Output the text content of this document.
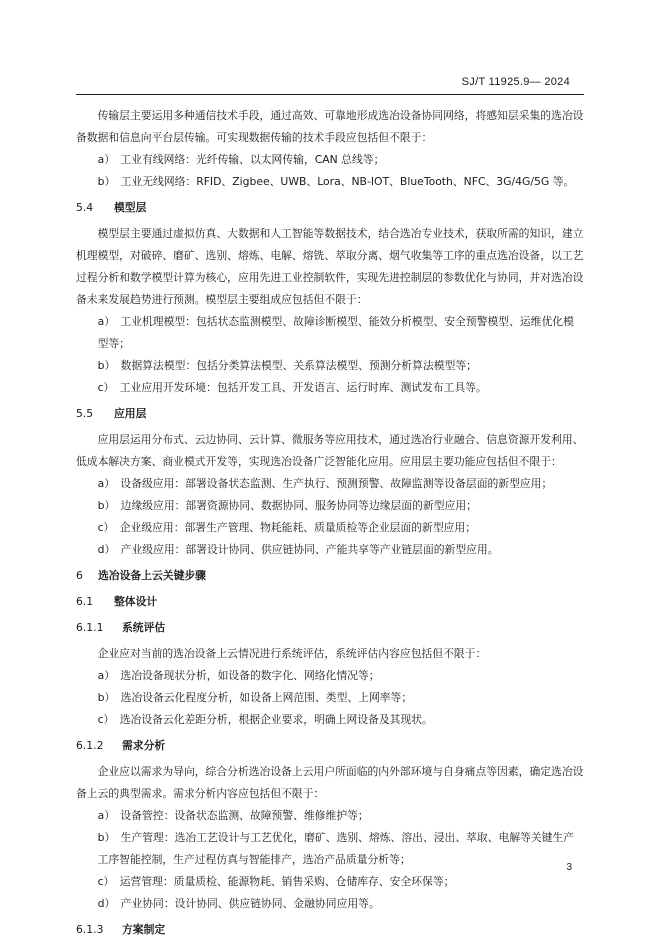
SJ/T 11925.9— 2024
传输层主要运用多种通信技术手段，通过高效、可靠地形成选冶设备协同网络，将感知层采集的选冶设备数据和信息向平台层传输。可实现数据传输的技术手段应包括但不限于：
a）　工业有线网络：光纤传输、以太网传输，CAN 总线等；
b）　工业无线网络：RFID、Zigbee、UWB、Lora、NB-IOT、BlueTooth、NFC、3G/4G/5G 等。
5.4 模型层
模型层主要通过虚拟仿真、大数据和人工智能等数据技术，结合选冶专业技术，获取所需的知识，建立机理模型，对破碎、磨矿、选别、熔炼、电解、熔铣、萃取分离、烟气收集等工序的重点选冶设备，以工艺过程分析和数学模型计算为核心，应用先进工业控制软件，实现先进控制层的参数优化与协同，并对选冶设备未来发展趋势进行预测。模型层主要组成应包括但不限于：
a）　工业机理模型：包括状态监测模型、故障诊断模型、能效分析模型、安全预警模型、运维优化模型等；
b）　数据算法模型：包括分类算法模型、关系算法模型、预测分析算法模型等；
c）　工业应用开发环境：包括开发工具、开发语言、运行时库、测试发布工具等。
5.5 应用层
应用层运用分布式、云边协同、云计算、微服务等应用技术，通过选冶行业融合、信息资源开发利用、低成本解决方案、商业模式开发等，实现选冶设备广泛智能化应用。应用层主要功能应包括但不限于：
a）　设备级应用：部署设备状态监测、生产执行、预测预警、故障监测等设备层面的新型应用；
b）　边缘级应用：部署资源协同、数据协同、服务协同等边缘层面的新型应用；
c）　企业级应用：部署生产管理、物耗能耗、质量质检等企业层面的新型应用；
d）　产业级应用：部署设计协同、供应链协同、产能共享等产业链层面的新型应用。
6 选冶设备上云关键步骤
6.1 整体设计
6.1.1 系统评估
企业应对当前的选冶设备上云情况进行系统评估，系统评估内容应包括但不限于：
a）　选冶设备现状分析，如设备的数字化、网络化情况等；
b）　选冶设备云化程度分析，如设备上网范围、类型、上网率等；
c）　选冶设备云化差距分析，根据企业要求，明确上网设备及其现状。
6.1.2 需求分析
企业应以需求为导向，综合分析选冶设备上云用户所面临的内外部环境与自身痛点等因素，确定选冶设备上云的典型需求。需求分析内容应包括但不限于：
a）　设备管控：设备状态监测、故障预警、维修维护等；
b）　生产管理：选冶工艺设计与工艺优化，磨矿、选别、熔炼、溶出、浸出、萃取、电解等关键生产工序智能控制，生产过程仿真与智能排产，选冶产品质量分析等；
c）　运营管理：质量质检、能源物耗、销售采购、仓储库存、安全环保等；
d）　产业协同：设计协同、供应链协同、金融协同应用等。
6.1.3 方案制定
3
